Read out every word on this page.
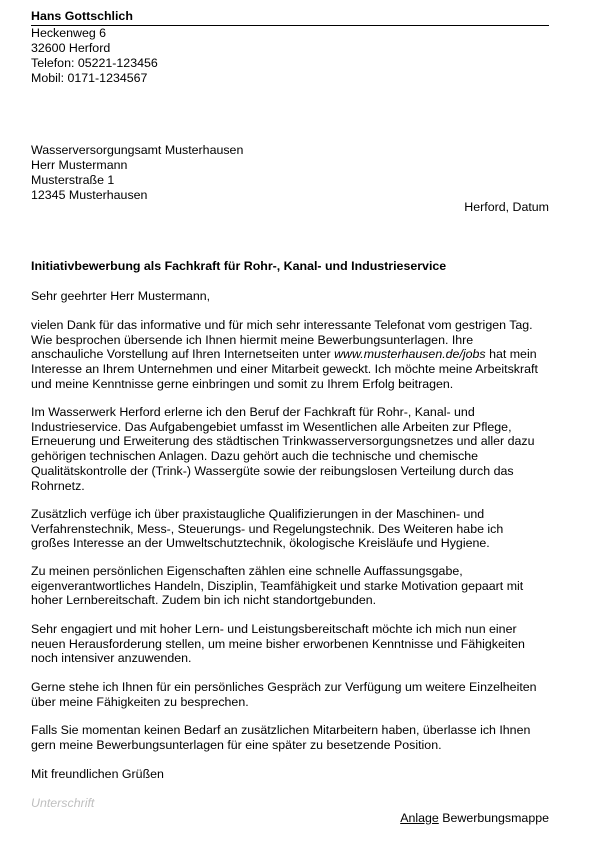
Hans Gottschlich
Heckenweg 6
32600 Herford
Telefon: 05221-123456
Mobil: 0171-1234567
Wasserversorgungsamt Musterhausen
Herr Mustermann
Musterstraße 1
12345 Musterhausen
Herford, Datum
Initiativbewerbung als Fachkraft für Rohr-, Kanal- und Industrieservice
Sehr geehrter Herr Mustermann,
vielen Dank für das informative und für mich sehr interessante Telefonat vom gestrigen Tag.
Wie besprochen übersende ich Ihnen hiermit meine Bewerbungsunterlagen. Ihre
anschauliche Vorstellung auf Ihren Internetseiten unter www.musterhausen.de/jobs hat mein
Interesse an Ihrem Unternehmen und einer Mitarbeit geweckt. Ich möchte meine Arbeitskraft
und meine Kenntnisse gerne einbringen und somit zu Ihrem Erfolg beitragen.
Im Wasserwerk Herford erlerne ich den Beruf der Fachkraft für Rohr-, Kanal- und
Industrieservice. Das Aufgabengebiet umfasst im Wesentlichen alle Arbeiten zur Pflege,
Erneuerung und Erweiterung des städtischen Trinkwasserversorgungsnetzes und aller dazu
gehörigen technischen Anlagen. Dazu gehört auch die technische und chemische
Qualitätskontrolle der (Trink-) Wassergüte sowie der reibungslosen Verteilung durch das
Rohrnetz.
Zusätzlich verfüge ich über praxistaugliche Qualifizierungen in der Maschinen- und
Verfahrenstechnik, Mess-, Steuerungs- und Regelungstechnik. Des Weiteren habe ich
großes Interesse an der Umweltschutztechnik, ökologische Kreisläufe und Hygiene.
Zu meinen persönlichen Eigenschaften zählen eine schnelle Auffassungsgabe,
eigenverantwortliches Handeln, Disziplin, Teamfähigkeit und starke Motivation gepaart mit
hoher Lernbereitschaft. Zudem bin ich nicht standortgebunden.
Sehr engagiert und mit hoher Lern- und Leistungsbereitschaft möchte ich mich nun einer
neuen Herausforderung stellen, um meine bisher erworbenen Kenntnisse und Fähigkeiten
noch intensiver anzuwenden.
Gerne stehe ich Ihnen für ein persönliches Gespräch zur Verfügung um weitere Einzelheiten
über meine Fähigkeiten zu besprechen.
Falls Sie momentan keinen Bedarf an zusätzlichen Mitarbeitern haben, überlasse ich Ihnen
gern meine Bewerbungsunterlagen für eine später zu besetzende Position.
Mit freundlichen Grüßen
Unterschrift
Anlage Bewerbungsmappe
